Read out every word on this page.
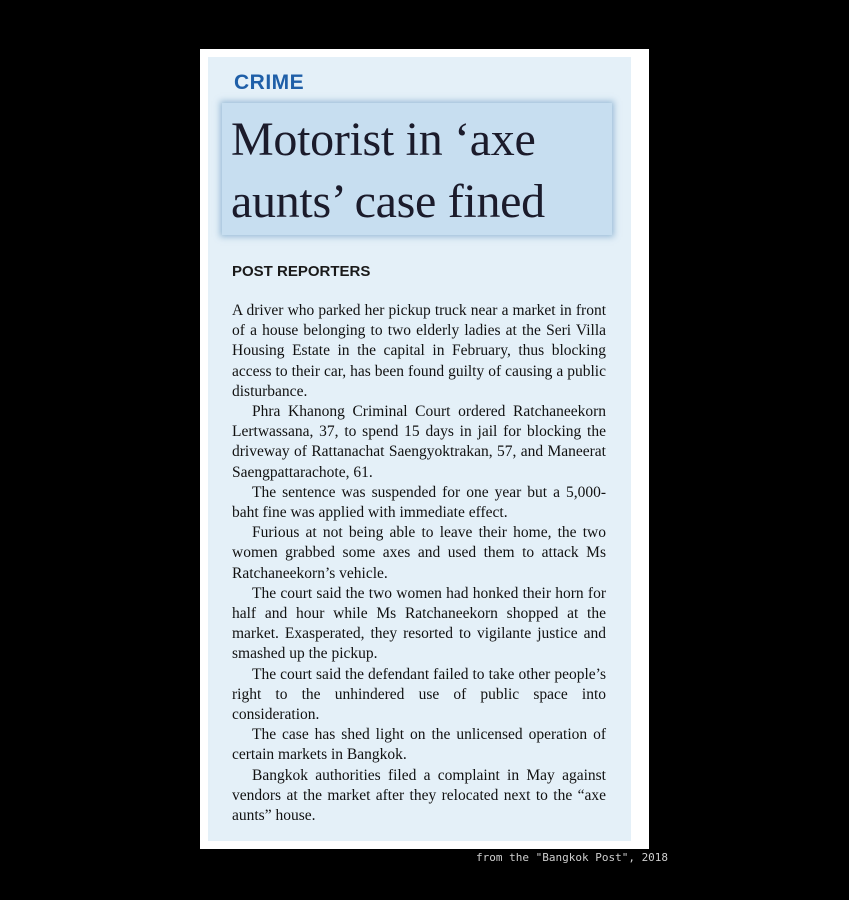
CRIME
Motorist in ‘axe
aunts’ case fined
POST REPORTERS

A driver who parked her pickup truck near a market in front of a house belonging to two elderly ladies at the Seri Villa Housing Estate in the capital in February, thus blocking access to their car, has been found guilty of causing a public disturbance.

Phra Khanong Criminal Court ordered Ratchaneekorn Lertwassana, 37, to spend 15 days in jail for blocking the driveway of Rattanachat Saengyoktrakan, 57, and Maneerat Saengpattarachote, 61.

The sentence was suspended for one year but a 5,000-baht fine was applied with immediate effect.

Furious at not being able to leave their home, the two women grabbed some axes and used them to attack Ms Ratchaneekorn’s vehicle.

The court said the two women had honked their horn for half and hour while Ms Ratchaneekorn shopped at the market. Exasperated, they resorted to vigilante justice and smashed up the pickup.

The court said the defendant failed to take other people’s right to the unhindered use of public space into consideration.

The case has shed light on the unlicensed operation of certain markets in Bangkok.

Bangkok authorities filed a complaint in May against vendors at the market after they relocated next to the “axe aunts” house.

from the "Bangkok Post", 2018
